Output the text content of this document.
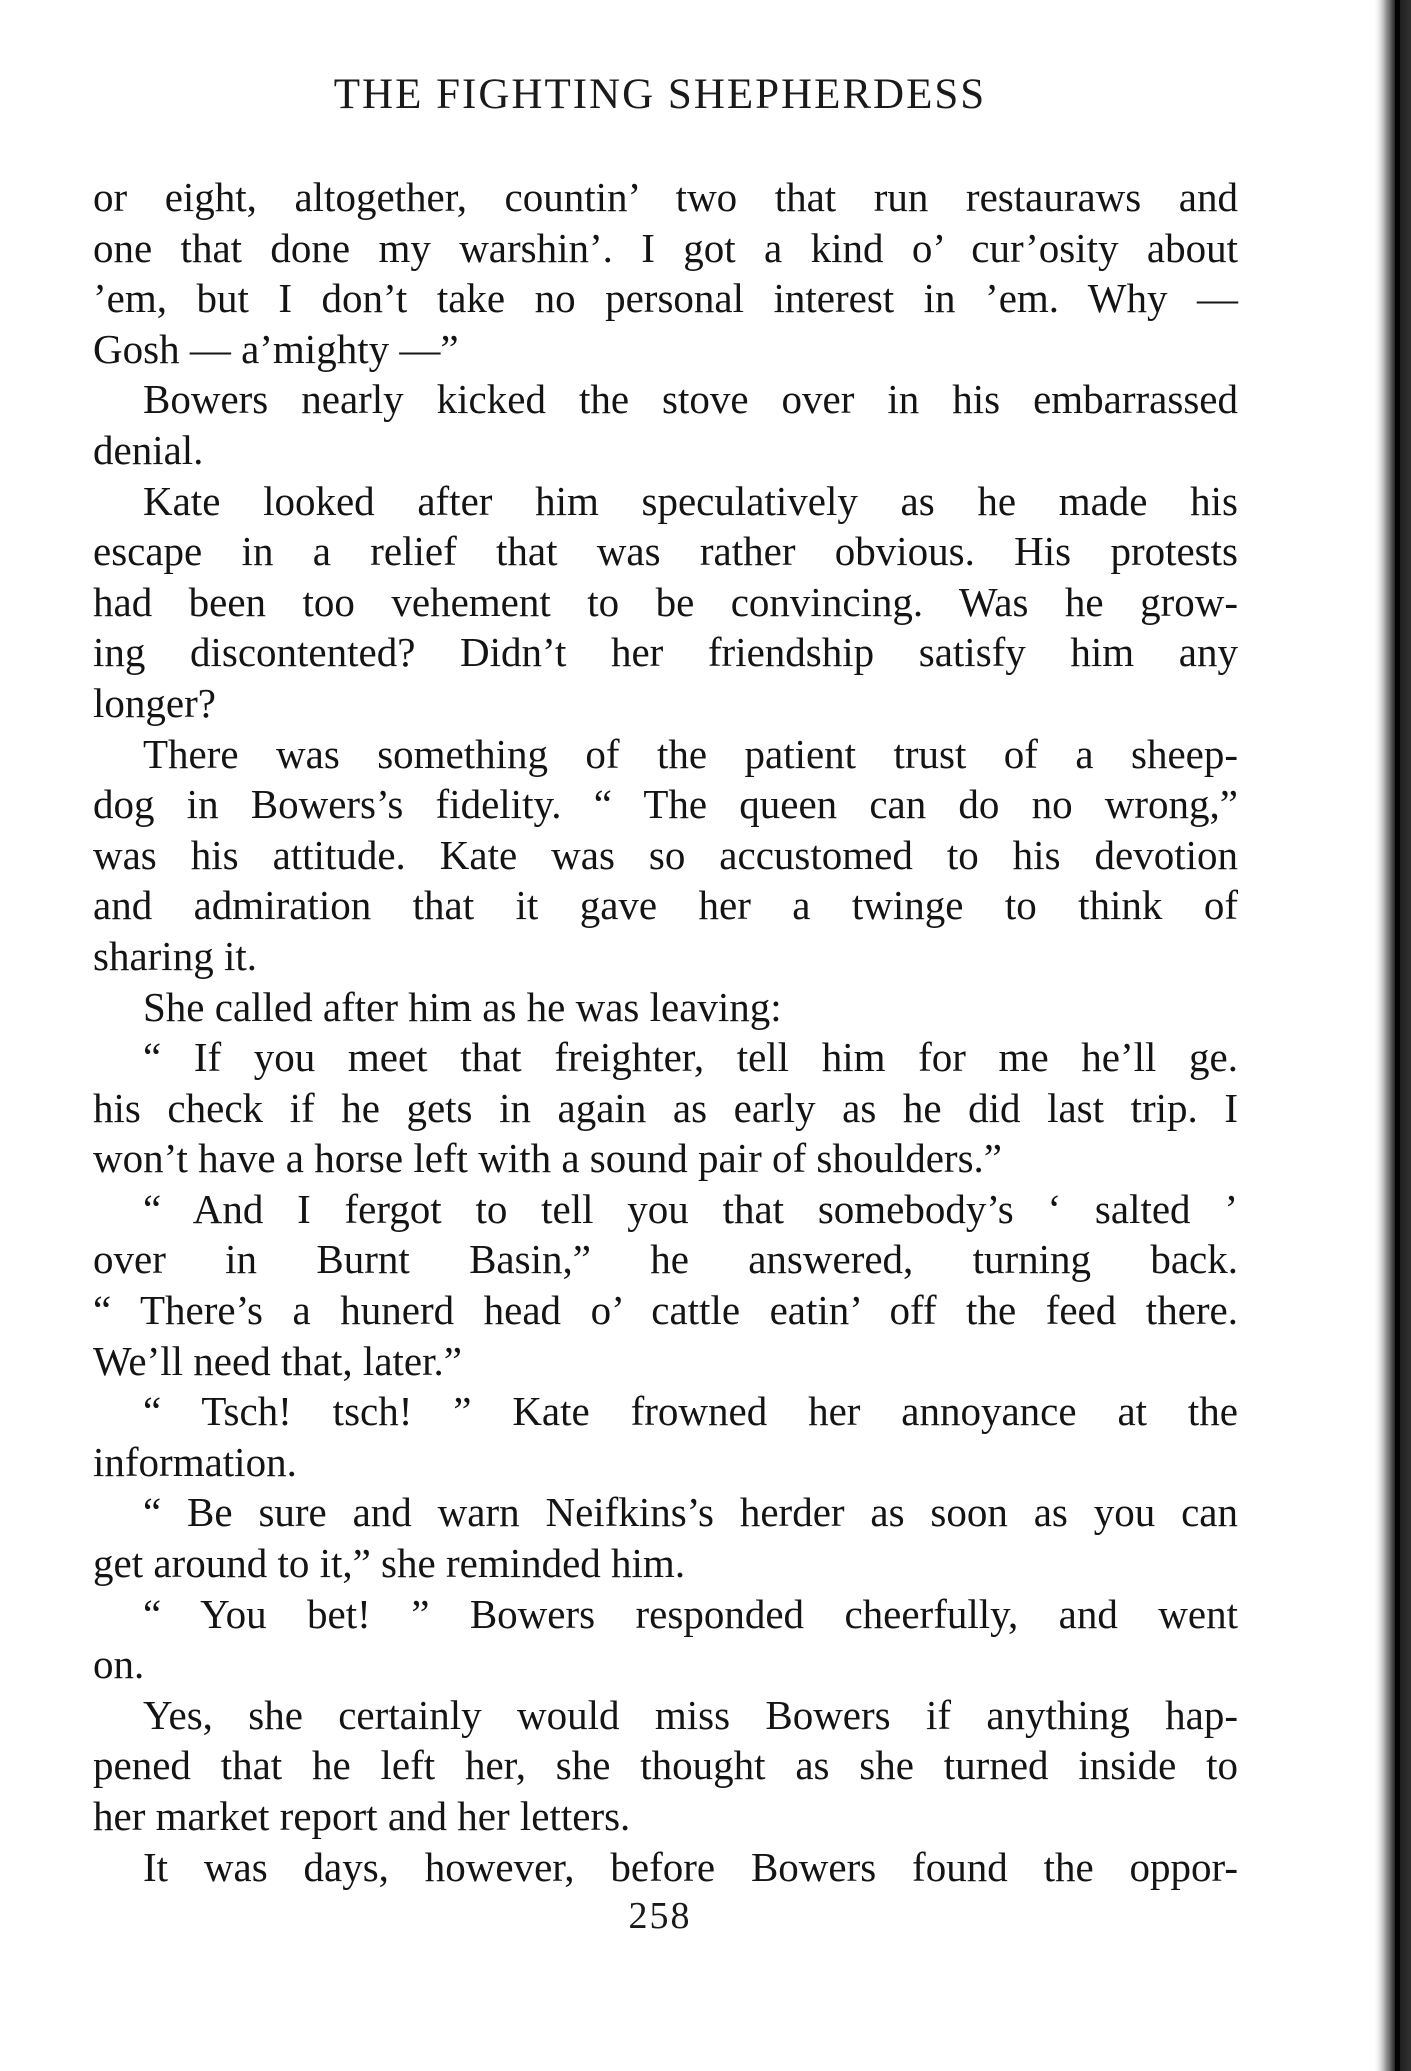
THE FIGHTING SHEPHERDESS
or eight, altogether, countin’ two that run restauraws and
one that done my warshin’. I got a kind o’ cur’osity about
’em, but I don’t take no personal interest in ’em. Why —
Gosh — a’mighty —”
Bowers nearly kicked the stove over in his embarrassed
denial.
Kate looked after him speculatively as he made his
escape in a relief that was rather obvious. His protests
had been too vehement to be convincing. Was he grow-
ing discontented? Didn’t her friendship satisfy him any
longer?
There was something of the patient trust of a sheep-
dog in Bowers’s fidelity. “ The queen can do no wrong,”
was his attitude. Kate was so accustomed to his devotion
and admiration that it gave her a twinge to think of
sharing it.
She called after him as he was leaving:
“ If you meet that freighter, tell him for me he’ll ge.
his check if he gets in again as early as he did last trip. I
won’t have a horse left with a sound pair of shoulders.”
“ And I fergot to tell you that somebody’s ‘ salted ’
over in Burnt Basin,” he answered, turning back.
“ There’s a hunerd head o’ cattle eatin’ off the feed there.
We’ll need that, later.”
“ Tsch! tsch! ” Kate frowned her annoyance at the
information.
“ Be sure and warn Neifkins’s herder as soon as you can
get around to it,” she reminded him.
“ You bet! ” Bowers responded cheerfully, and went
on.
Yes, she certainly would miss Bowers if anything hap-
pened that he left her, she thought as she turned inside to
her market report and her letters.
It was days, however, before Bowers found the oppor-
258
